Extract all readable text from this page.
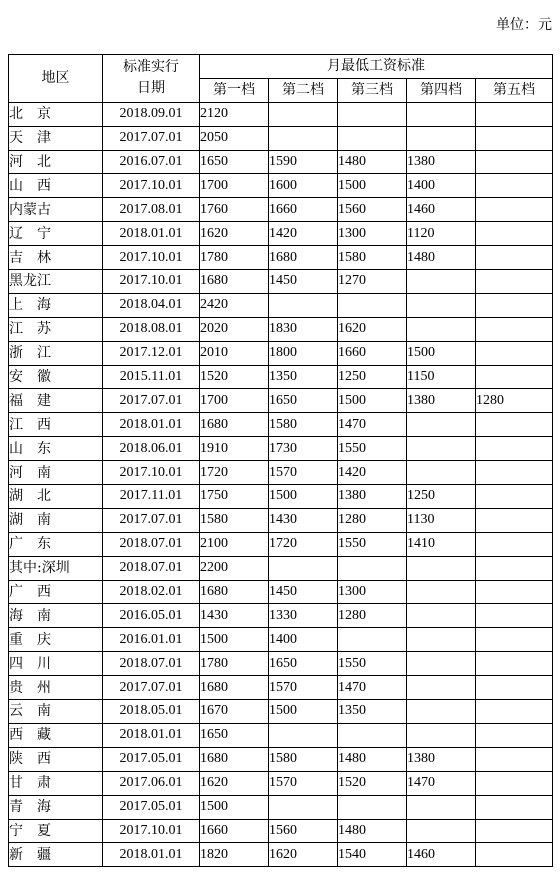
单位：元
地区	标准实行
日期	月最低工资标准				
		第一档	第二档	第三档	第四档	第五档
北　京	2018.09.01	2120				
天　津	2017.07.01	2050				
河　北	2016.07.01	1650	1590	1480	1380	
山　西	2017.10.01	1700	1600	1500	1400	
内蒙古	2017.08.01	1760	1660	1560	1460	
辽　宁	2018.01.01	1620	1420	1300	1120	
吉　林	2017.10.01	1780	1680	1580	1480	
黑龙江	2017.10.01	1680	1450	1270		
上　海	2018.04.01	2420				
江　苏	2018.08.01	2020	1830	1620		
浙　江	2017.12.01	2010	1800	1660	1500	
安　徽	2015.11.01	1520	1350	1250	1150	
福　建	2017.07.01	1700	1650	1500	1380	1280
江　西	2018.01.01	1680	1580	1470		
山　东	2018.06.01	1910	1730	1550		
河　南	2017.10.01	1720	1570	1420		
湖　北	2017.11.01	1750	1500	1380	1250	
湖　南	2017.07.01	1580	1430	1280	1130	
广　东	2018.07.01	2100	1720	1550	1410	
其中:深圳	2018.07.01	2200				
广　西	2018.02.01	1680	1450	1300		
海　南	2016.05.01	1430	1330	1280		
重　庆	2016.01.01	1500	1400			
四　川	2018.07.01	1780	1650	1550		
贵　州	2017.07.01	1680	1570	1470		
云　南	2018.05.01	1670	1500	1350		
西　藏	2018.01.01	1650				
陕　西	2017.05.01	1680	1580	1480	1380	
甘　肃	2017.06.01	1620	1570	1520	1470	
青　海	2017.05.01	1500				
宁　夏	2017.10.01	1660	1560	1480		
新　疆	2018.01.01	1820	1620	1540	1460	
